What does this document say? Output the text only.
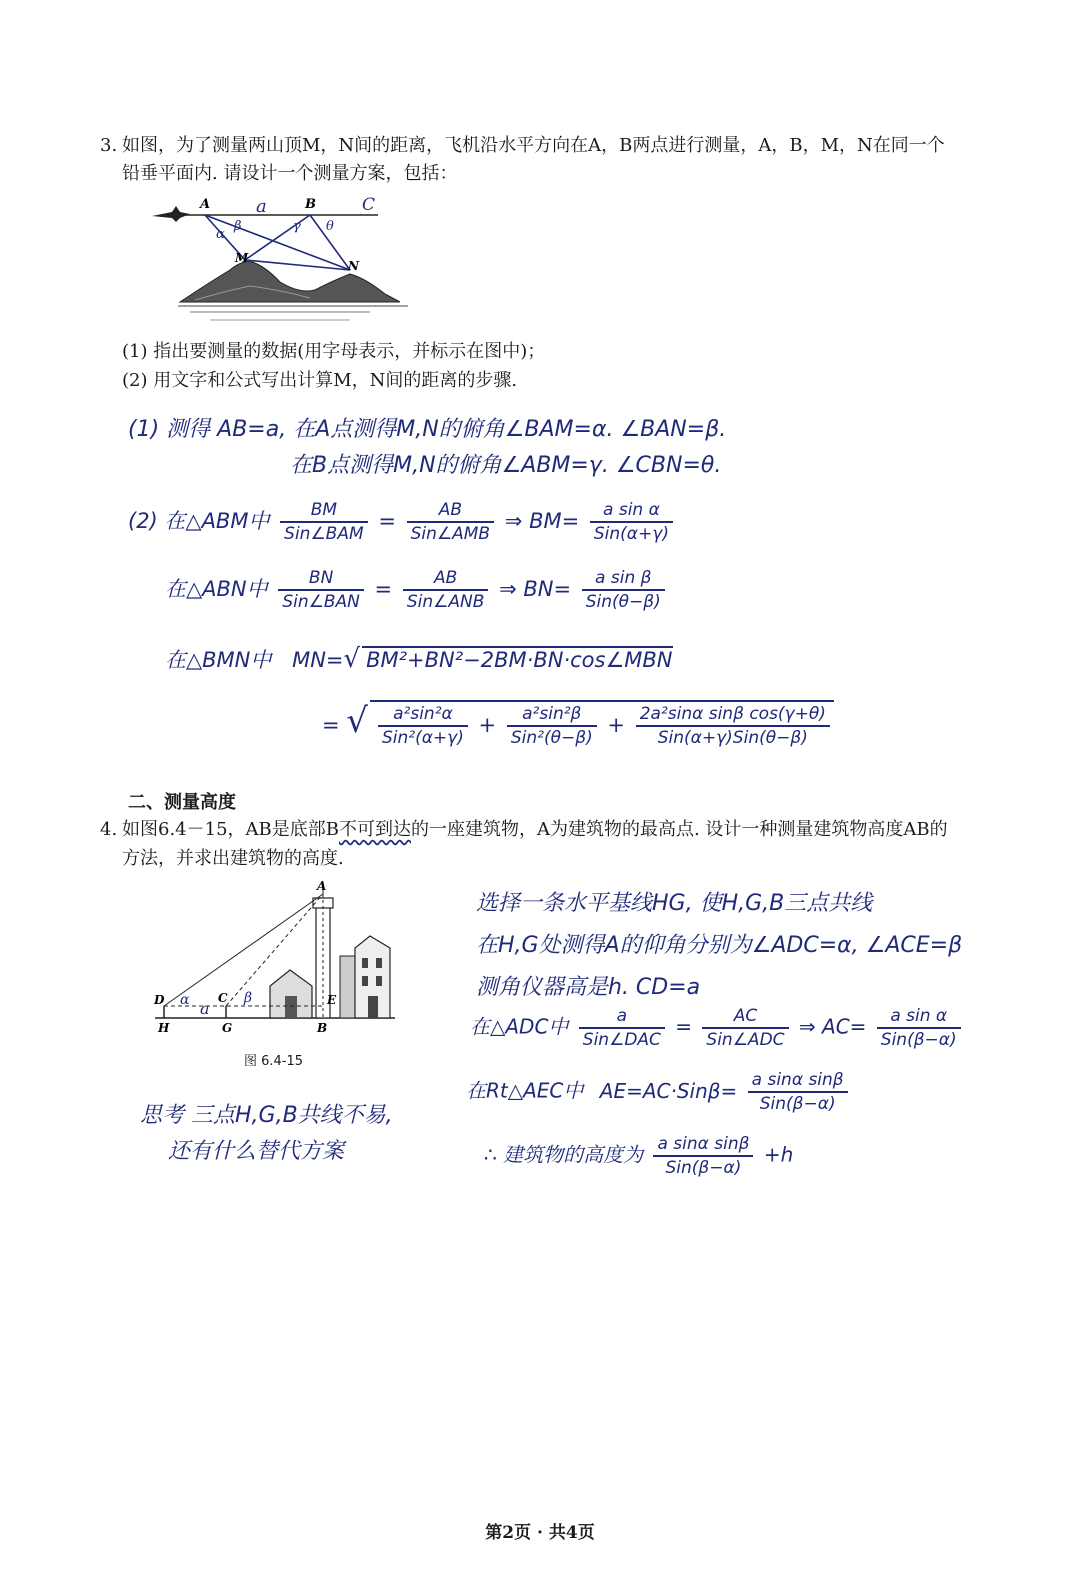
3. 如图，为了测量两山顶M，N间的距离，飞机沿水平方向在A，B两点进行测量，A，B，M，N在同一个
铅垂平面内. 请设计一个测量方案，包括：
A	B	C
M
N
a
α
β	γ θ
(1) 指出要测量的数据(用字母表示，并标示在图中)；
(2) 用文字和公式写出计算M，N间的距离的步骤.
(1) 测得 AB=a, 在A点测得M,N的俯角∠BAM=α. ∠BAN=β.
在B点测得M,N的俯角∠ABM=γ. ∠CBN=θ.
(2) 在△ABM中 $\frac{BM}{\text{Sin∠BAM}} = \frac{AB}{\text{Sin∠AMB}}$ ⇒ $BM= \frac{\text{a sin α}}{\text{Sin(α+γ)}}$
在△ABN中 $\frac{BN}{\text{Sin∠BAN}} = \frac{AB}{\text{Sin∠ANB}}$ ⇒ $BN= \frac{\text{a sin β}}{\text{Sin(θ−β)}}$
在△BMN中 MN=√ BM²+BN²−2BM·BN·cos∠MBN
= √ $\frac{\text{a²sin²α}}{\text{Sin²(α+γ)}} + \frac{\text{a²sin²β}}{\text{Sin²(θ−β)}} + \frac{\text{2a²sinα sinβ cos(γ+θ)}}{\text{Sin(α+γ)Sin(θ−β)}}$
二、测量高度
4. 如图6.4－15，AB是底部B不可到达的一座建筑物，A为建筑物的最高点. 设计一种测量建筑物高度AB的
方法，并求出建筑物的高度.
A
D	C	E
H	G	B
α a
β
图 6.4-15
选择一条水平基线HG, 使H,G,B三点共线
在H,G处测得A的仰角分别为∠ADC=α, ∠ACE=β
测角仪器高是h. CD=a
在△ADC中 $\frac{a}{\text{Sin∠DAC}} = \frac{AC}{\text{Sin∠ADC}}$ ⇒ $AC= \frac{\text{a sin α}}{\text{Sin(β−α)}}$
在Rt△AEC中 $AE=AC\cdot Sin\beta= \frac{\text{a sinα sinβ}}{\text{Sin(β−α)}}$
∴ 建筑物的高度为 $\frac{\text{a sinα sinβ}}{\text{Sin(β−α)}} +h$
思考 三点H,G,B共线不易,
还有什么替代方案
第2页 · 共4页
